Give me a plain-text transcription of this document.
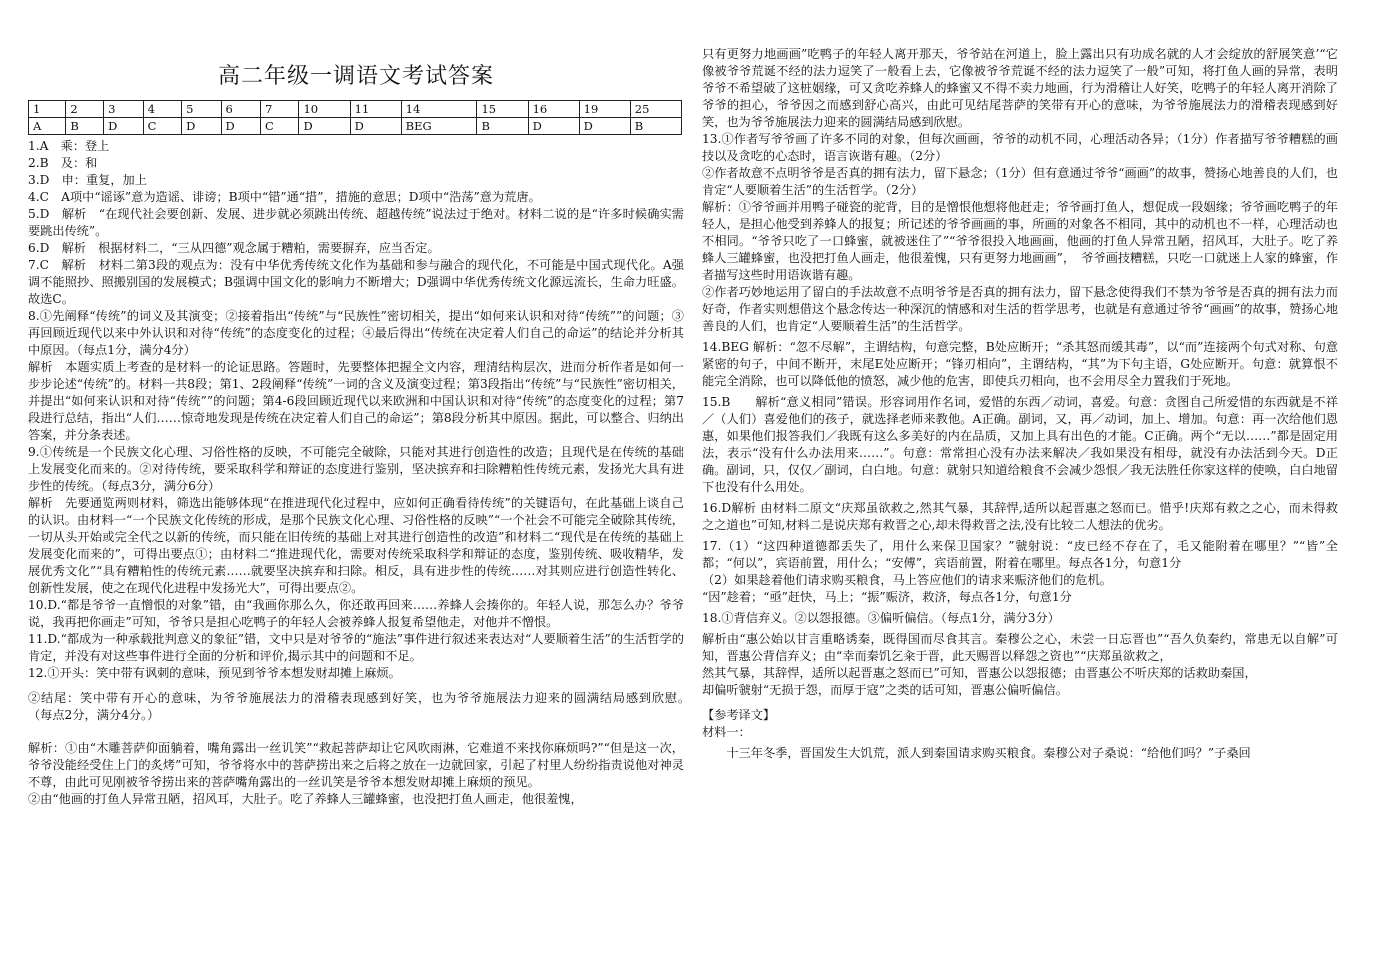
高二年级一调语文考试答案
1	2	3	4	5	6	7	10	11	14	15	16	19	25
A	B	D	C	D	D	C	D	D	BEG	B	D	D	B

1.A　乘：登上

2.B　及：和

3.D　申：重复，加上

4.C　A项中“谣诼”意为造谣、诽谤；B项中“错”通“措”，措施的意思；D项中“浩荡”意为荒唐。

5.D　解析　“在现代社会要创新、发展、进步就必须跳出传统、超越传统”说法过于绝对。材料二说的是“许多时候确实需要跳出传统”。

6.D　解析　根据材料二，“三从四德”观念属于糟粕，需要摒弃，应当否定。

7.C　解析　材料二第3段的观点为：没有中华优秀传统文化作为基础和参与融合的现代化，不可能是中国式现代化。A强调不能照抄、照搬别国的发展模式；B强调中国文化的影响力不断增大；D强调中华优秀传统文化源远流长，生命力旺盛。故选C。

8.①先阐释“传统”的词义及其演变；②接着指出“传统”与“民族性”密切相关，提出“如何来认识和对待“传统””的问题；③再回顾近现代以来中外认识和对待“传统”的态度变化的过程；④最后得出“传统在决定着人们自己的命运”的结论并分析其中原因。（每点1分，满分4分）

解析　本题实质上考查的是材料一的论证思路。答题时，先要整体把握全文内容，理清结构层次，进而分析作者是如何一步步论述“传统”的。材料一共8段；第1、2段阐释“传统”一词的含义及演变过程；第3段指出“传统”与“民族性”密切相关，并提出“如何来认识和对待“传统””的问题；第4-6段回顾近现代以来欧洲和中国认识和对待“传统”的态度变化的过程；第7段进行总结，指出“人们……惊奇地发现是传统在决定着人们自己的命运”；第8段分析其中原因。据此，可以整合、归纳出答案，并分条表述。

9.①传统是一个民族文化心理、习俗性格的反映，不可能完全破除，只能对其进行创造性的改造；且现代是在传统的基础上发展变化而来的。②对待传统，要采取科学和辩证的态度进行鉴别，坚决摈弃和扫除糟粕性传统元素，发扬光大具有进步性的传统。（每点3分，满分6分）

解析　先要通览两则材料，筛选出能够体现“在推进现代化过程中，应如何正确看待传统”的关键语句，在此基础上谈自己的认识。由材料一“一个民族文化传统的形成，是那个民族文化心理、习俗性格的反映”“一个社会不可能完全破除其传统，一切从头开始或完全代之以新的传统，而只能在旧传统的基础上对其进行创造性的改造”和材料二“现代是在传统的基础上发展变化而来的”，可得出要点①；由材料二“推进现代化，需要对传统采取科学和辩证的态度，鉴别传统、吸收精华，发展优秀文化”“具有糟粕性的传统元素……就要坚决摈弃和扫除。相反，具有进步性的传统……对其则应进行创造性转化、创新性发展，使之在现代化进程中发扬光大”，可得出要点②。

10.D.“都是爷爷一直憎恨的对象”错，由“我画你那么久，你还敢再回来……养蜂人会揍你的。年轻人说，那怎么办？爷爷说，我再把你画走”可知，爷爷只是担心吃鸭子的年轻人会被养蜂人报复希望他走，对他并不憎恨。

11.D.“都成为一种承载批判意义的象征”错，文中只是对爷爷的“施法”事件进行叙述来表达对“人要顺着生活”的生活哲学的肯定，并没有对这些事件进行全面的分析和评价,揭示其中的问题和不足。

12.①开头：笑中带有讽刺的意味，预见到爷爷本想发财却摊上麻烦。

②结尾：笑中带有开心的意味，为爷爷施展法力的滑稽表现感到好笑，也为爷爷施展法力迎来的圆满结局感到欣慰。　　（每点2分，满分4分。）

解析：①由“木雕菩萨仰面躺着，嘴角露出一丝讥笑”“救起菩萨却让它风吹雨淋，它难道不来找你麻烦吗?”“但是这一次，爷爷没能经受住上门的炙烤”可知，爷爷将水中的菩萨捞出来之后将之放在一边就回家，引起了村里人纷纷指责说他对神灵不尊，由此可见刚被爷爷捞出来的菩萨嘴角露出的一丝讥笑是爷爷本想发财却摊上麻烦的预见。

②由“他画的打鱼人异常丑陋，招风耳，大肚子。吃了养蜂人三罐蜂蜜，也没把打鱼人画走，他很羞愧，

只有更努力地画画”吃鸭子的年轻人离开那天，爷爷站在河道上，脸上露出只有功成名就的人才会绽放的舒展笑意’“它像被爷爷荒诞不经的法力逗笑了一般看上去，它像被爷爷荒诞不经的法力逗笑了一般”可知，将打鱼人画的异常，表明爷爷不希望破了这桩姻缘，可又贪吃养蜂人的蜂蜜又不得不卖力地画，行为滑稽让人好笑，吃鸭子的年轻人离开消除了爷爷的担心，爷爷因之而感到舒心高兴，由此可见结尾菩萨的笑带有开心的意味，为爷爷施展法力的滑稽表现感到好笑，也为爷爷施展法力迎来的圆满结局感到欣慰。

13.①作者写爷爷画了许多不同的对象，但每次画画，爷爷的动机不同，心理活动各异；（1分）作者描写爷爷糟糕的画技以及贪吃的心态时，语言诙谐有趣。（2分）

②作者故意不点明爷爷是否真的拥有法力，留下悬念；（1分）但有意通过爷爷“画画”的故事，赞扬心地善良的人们，也肯定“人要顺着生活”的生活哲学。（2分）

解析：①爷爷画并用鸭子碰瓷的驼背，目的是憎恨他想将他赶走；爷爷画打鱼人，想促成一段姻缘；爷爷画吃鸭子的年轻人，是担心他受到养蜂人的报复；所记述的爷爷画画的事，所画的对象各不相同，其中的动机也不一样，心理活动也不相同。“爷爷只吃了一口蜂蜜，就被迷住了”“爷爷很投入地画画，他画的打鱼人异常丑陋，招风耳，大肚子。吃了养蜂人三罐蜂蜜，也没把打鱼人画走，他很羞愧，只有更努力地画画”，　爷爷画技糟糕，只吃一口就迷上人家的蜂蜜，作者描写这些时用语诙谐有趣。

②作者巧妙地运用了留白的手法故意不点明爷爷是否真的拥有法力，留下悬念使得我们不禁为爷爷是否真的拥有法力而好奇，作者实则想借这个悬念传达一种深沉的情感和对生活的哲学思考，也就是有意通过爷爷“画画”的故事，赞扬心地善良的人们，也肯定“人要顺着生活”的生活哲学。

14.BEG 解析：“忽不尽解”，主谓结构，句意完整，B处应断开；“杀其怒而缓其毒”，以“而”连接两个句式对称、句意紧密的句子，中间不断开，末尾E处应断开；“锋刃相向”，主谓结构，“其”为下句主语，G处应断开。句意：就算恨不能完全消除，也可以降低他的愤怒，减少他的危害，即使兵刃相向，也不会用尽全力置我们于死地。

15.B　　解析“意义相同”错误。形容词用作名词，爱惜的东西／动词，喜爱。句意：贪图自己所爱惜的东西就是不祥／（人们）喜爱他们的孩子，就选择老师来教他。A正确。副词，又，再／动词，加上、增加。句意：再一次给他们恩惠，如果他们报答我们／我既有这么多美好的内在品质，又加上具有出色的才能。C正确。两个“无以……”都是固定用法，表示“没有什么办法用来……”。句意：常常担心没有办法来解决／我如果没有相母，就没有办法活到今天。D正确。副词，只，仅仅／副词，白白地。句意：就射只知道给粮食不会减少怨恨／我无法胜任你家这样的使唤，白白地留下也没有什么用处。

16.D解析 由材料二原文“庆郑虽欲救之,然其气暴，其辞悍,适所以起晋惠之怒而已。惜乎!庆郑有救之之心，而未得救之之道也”可知,材料二是说庆郑有救晋之心,却未得救晋之法,没有比较二人想法的优劣。

17.（1）“这四种道德都丢失了，用什么来保卫国家？”虢射说：“皮已经不存在了，毛又能附着在哪里？”“皆”全都；“何以”，宾语前置，用什么；“安傅”，宾语前置，附着在哪里。每点各1分，句意1分

（2）如果趁着他们请求购买粮食，马上答应他们的请求来赈济他们的危机。

“因”趁着；“亟”赶快，马上；“振”赈济，救济，每点各1分，句意1分

18.①背信弃义。②以怨报德。③偏听偏信。（每点1分，满分3分）

解析由“惠公始以甘言重略诱秦，既得国而尽食其言。秦穆公之心，未尝一日忘晋也”“吾久负秦约，常患无以自解”可知，晋惠公背信弃义；由“幸而秦饥乞籴于晋，此天赐晋以释怨之资也”“庆郑虽欲救之，

然其气暴，其辞悍，适所以起晋惠之怒而已”可知，晋惠公以怨报德；由晋惠公不听庆郑的话救助秦国，

却偏听虢射“无损于怨，而厚于寇”之类的话可知，晋惠公偏听偏信。

【参考译文】

材料一：

十三年冬季，晋国发生大饥荒，派人到秦国请求购买粮食。秦穆公对子桑说：“给他们吗？”子桑回
